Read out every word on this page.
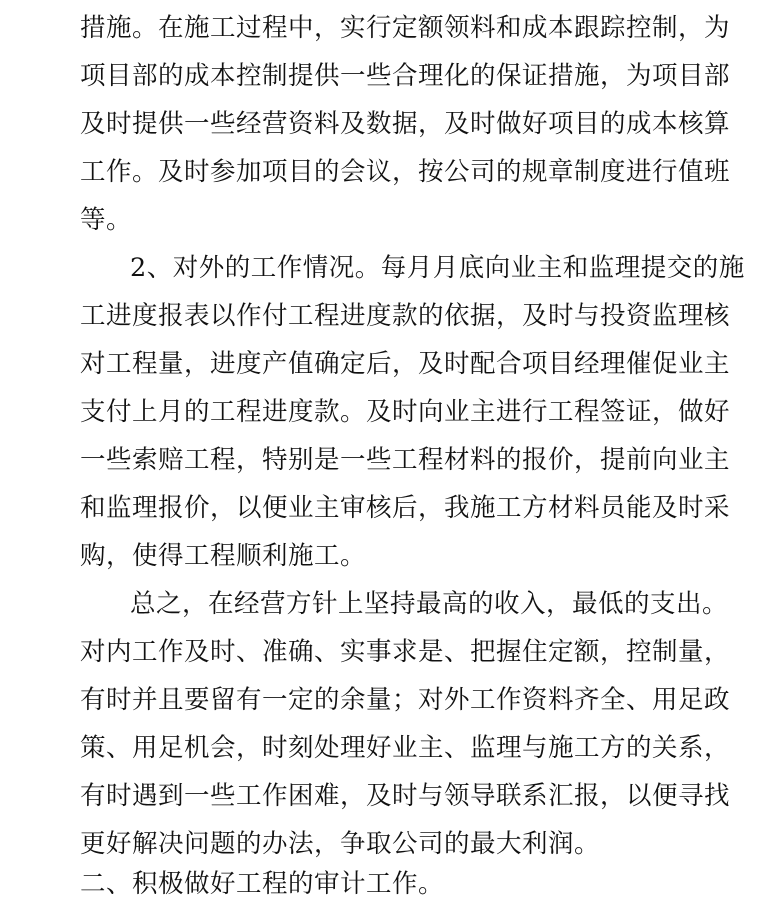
措施。在施工过程中，实行定额领料和成本跟踪控制，为
项目部的成本控制提供一些合理化的保证措施，为项目部
及时提供一些经营资料及数据，及时做好项目的成本核算
工作。及时参加项目的会议，按公司的规章制度进行值班
等。
2、对外的工作情况。每月月底向业主和监理提交的施
工进度报表以作付工程进度款的依据，及时与投资监理核
对工程量，进度产值确定后，及时配合项目经理催促业主
支付上月的工程进度款。及时向业主进行工程签证，做好
一些索赔工程，特别是一些工程材料的报价，提前向业主
和监理报价，以便业主审核后，我施工方材料员能及时采
购，使得工程顺利施工。
总之，在经营方针上坚持最高的收入，最低的支出。
对内工作及时、准确、实事求是、把握住定额，控制量，
有时并且要留有一定的余量；对外工作资料齐全、用足政
策、用足机会，时刻处理好业主、监理与施工方的关系，
有时遇到一些工作困难，及时与领导联系汇报，以便寻找
更好解决问题的办法，争取公司的最大利润。
二、积极做好工程的审计工作。
